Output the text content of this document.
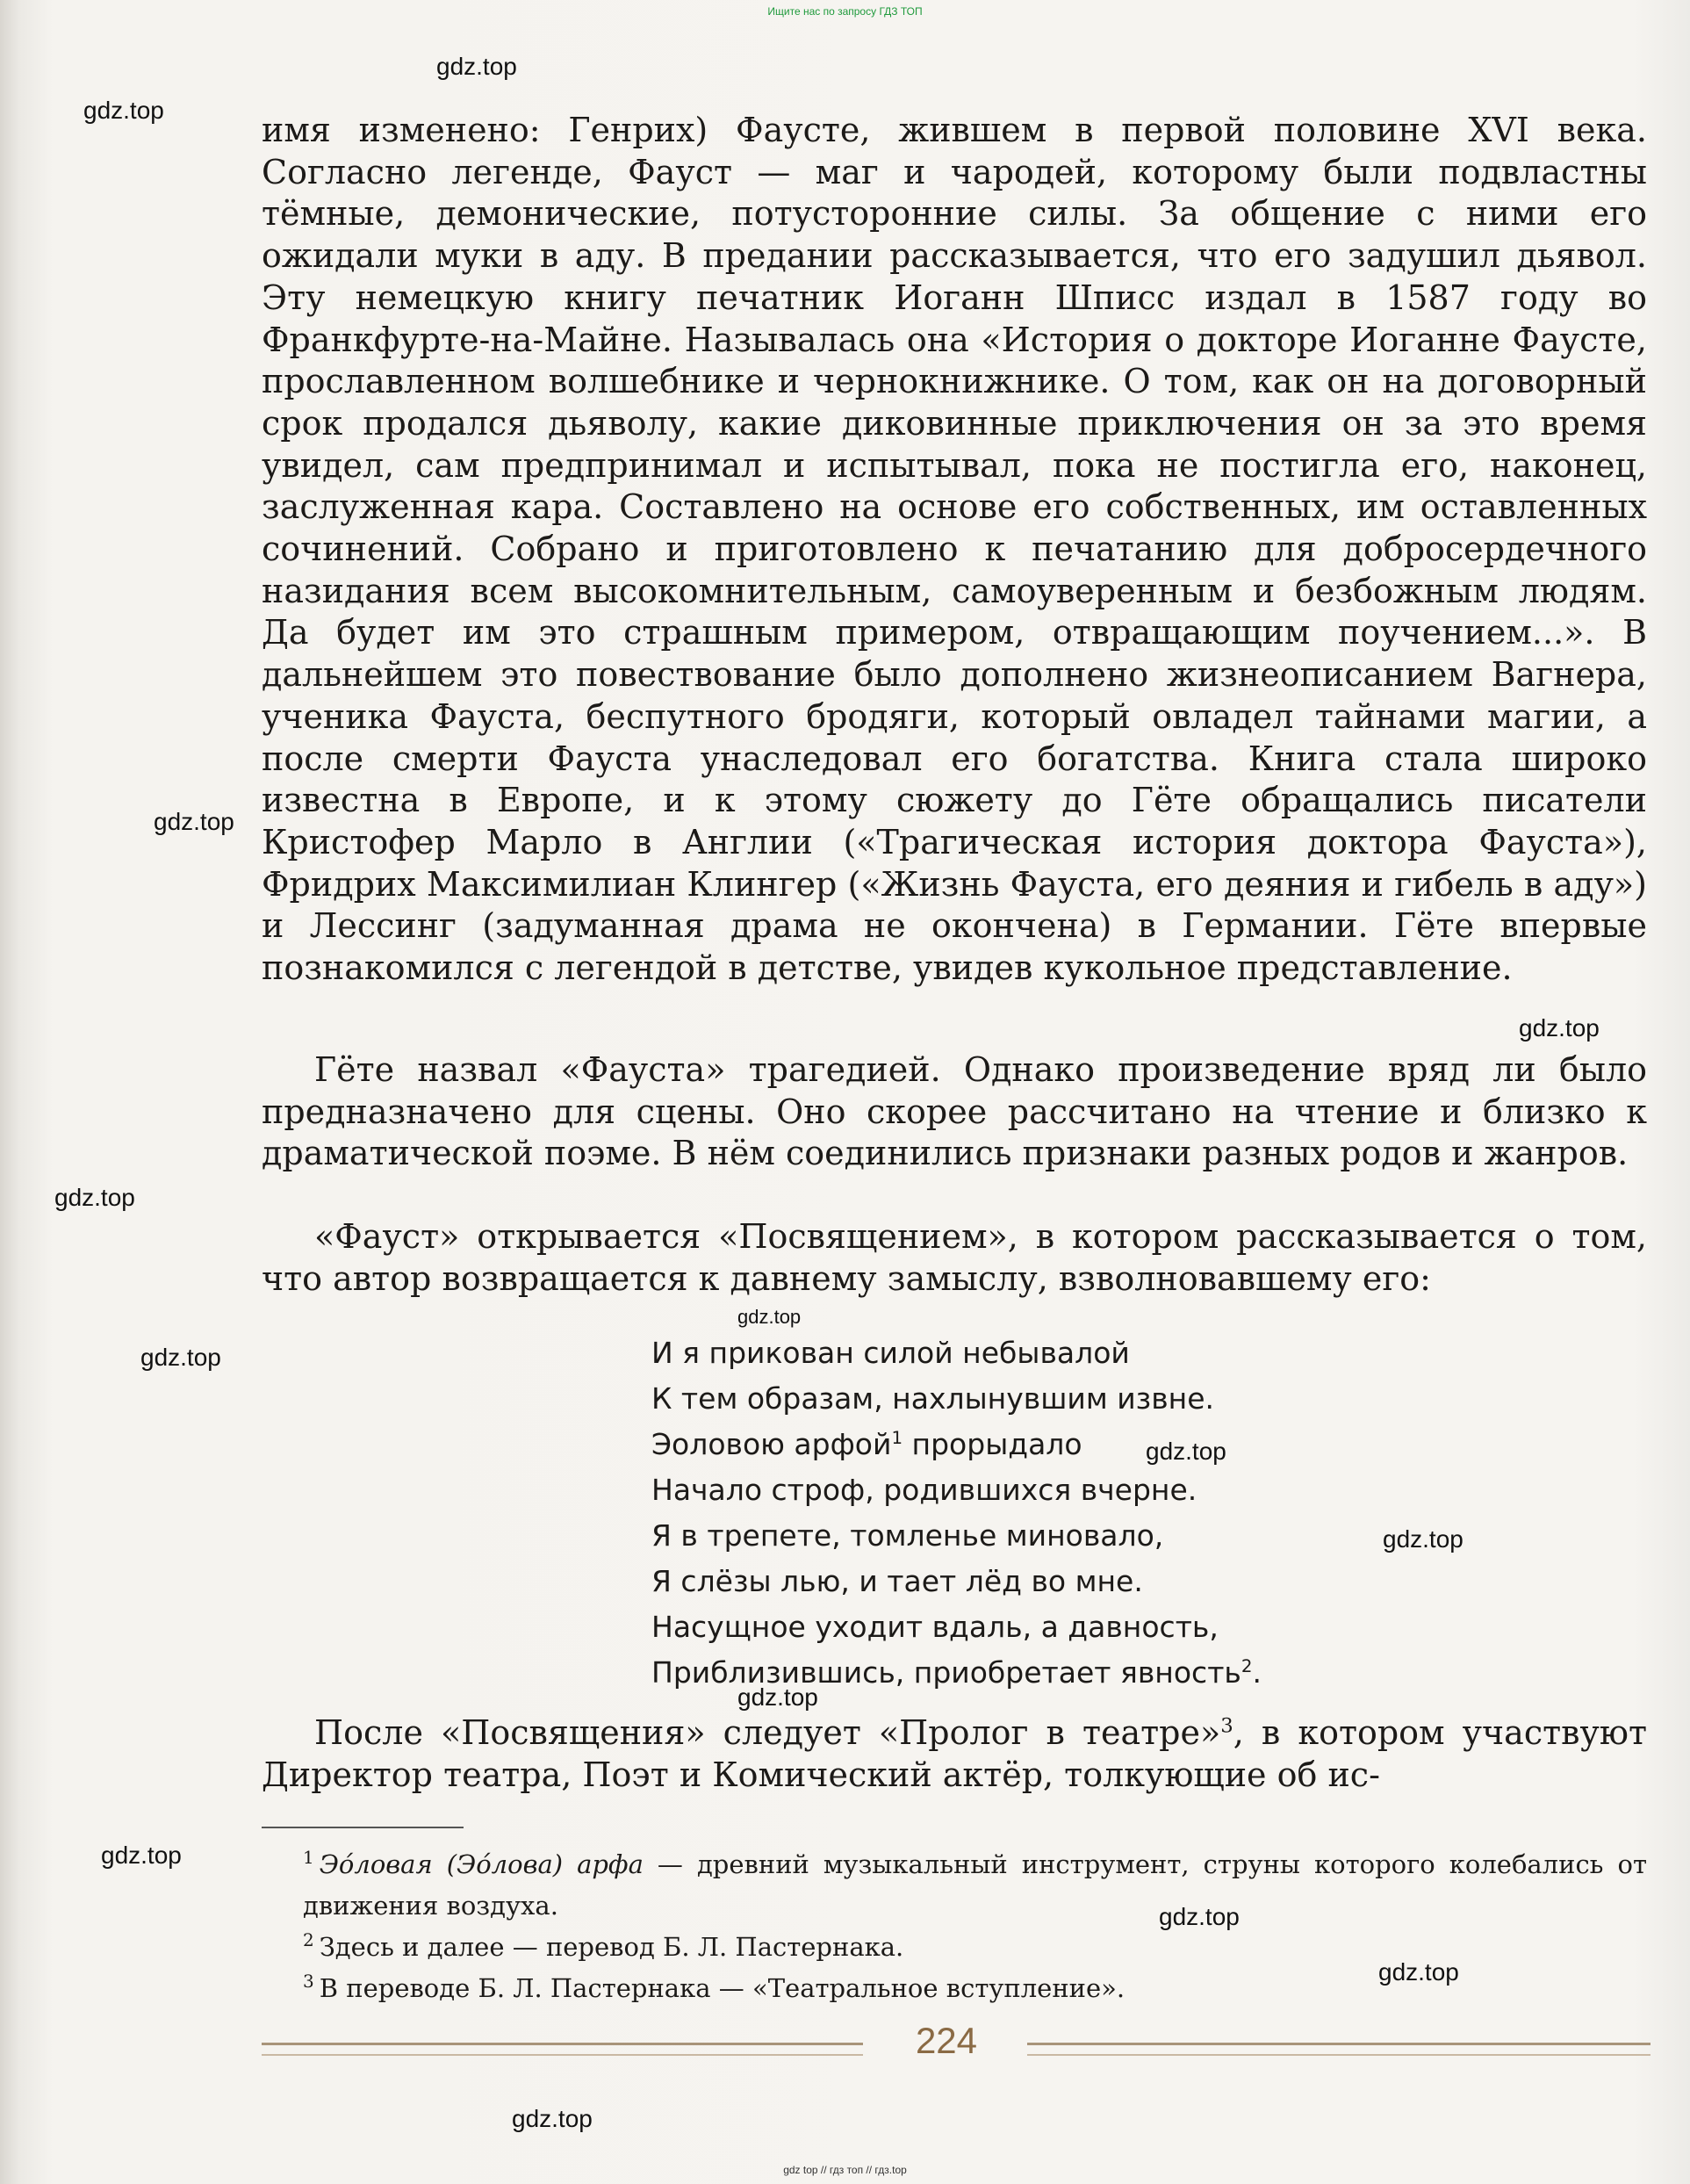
Ищите нас по запросу ГДЗ ТОП
gdz.top
gdz.top
gdz.top
gdz.top
gdz.top
gdz.top
gdz.top
gdz.top
gdz.top
gdz.top
gdz.top
gdz.top
gdz.top
gdz.top

имя изменено: Генрих) Фаусте, жившем в первой половине XVI века. Согласно легенде, Фауст — маг и чародей, которому были подвластны тёмные, демонические, потусторонние силы. За общение с ними его ожидали муки в аду. В предании рассказывается, что его задушил дьявол. Эту немецкую книгу печатник Иоганн Шписс издал в 1587 году во Франкфурте-на-Майне. Называлась она «История о докторе Иоганне Фаусте, прославленном волшебнике и чернокнижнике. О том, как он на договорный срок продался дьяволу, какие диковинные приключения он за это время увидел, сам предпринимал и испытывал, пока не постигла его, наконец, заслуженная кара. Составлено на основе его собственных, им оставленных сочинений. Собрано и приготовлено к печатанию для добросердечного назидания всем высокомнительным, самоуверенным и безбожным людям. Да будет им это страшным примером, отвращающим поучением...». В дальнейшем это повествование было дополнено жизнеописанием Вагнера, ученика Фауста, беспутного бродяги, который овладел тайнами магии, а после смерти Фауста унаследовал его богатства. Книга стала широко известна в Европе, и к этому сюжету до Гёте обращались писатели Кристофер Марло в Англии («Трагическая история доктора Фауста»), Фридрих Максимилиан Клингер («Жизнь Фауста, его деяния и гибель в аду») и Лессинг (задуманная драма не окончена) в Германии. Гёте впервые познакомился с легендой в детстве, увидев кукольное представление.

Гёте назвал «Фауста» трагедией. Однако произведение вряд ли было предназначено для сцены. Оно скорее рассчитано на чтение и близко к драматической поэме. В нём соединились признаки разных родов и жанров.

«Фауст» открывается «Посвящением», в котором рассказывается о том, что автор возвращается к давнему замыслу, взволновавшему его:

И я прикован силой небывалой
К тем образам, нахлынувшим извне.
Эоловою арфой$^1$ прорыдало
Начало строф, родившихся вчерне.
Я в трепете, томленье миновало,
Я слёзы лью, и тает лёд во мне.
Насущное уходит вдаль, а давность,
Приблизившись, приобретает явность$^2$.

После «Посвящения» следует «Пролог в театре»$^3$, в котором участвуют Директор театра, Поэт и Комический актёр, толкующие об ис-

$^1$ Эóловая (Эóлова) арфа — древний музыкальный инструмент, струны которого колебались от движения воздуха.

$^2$ Здесь и далее — перевод Б. Л. Пастернака.

$^3$ В переводе Б. Л. Пастернака — «Театральное вступление».

224
gdz top // гдз топ // гдз.top
